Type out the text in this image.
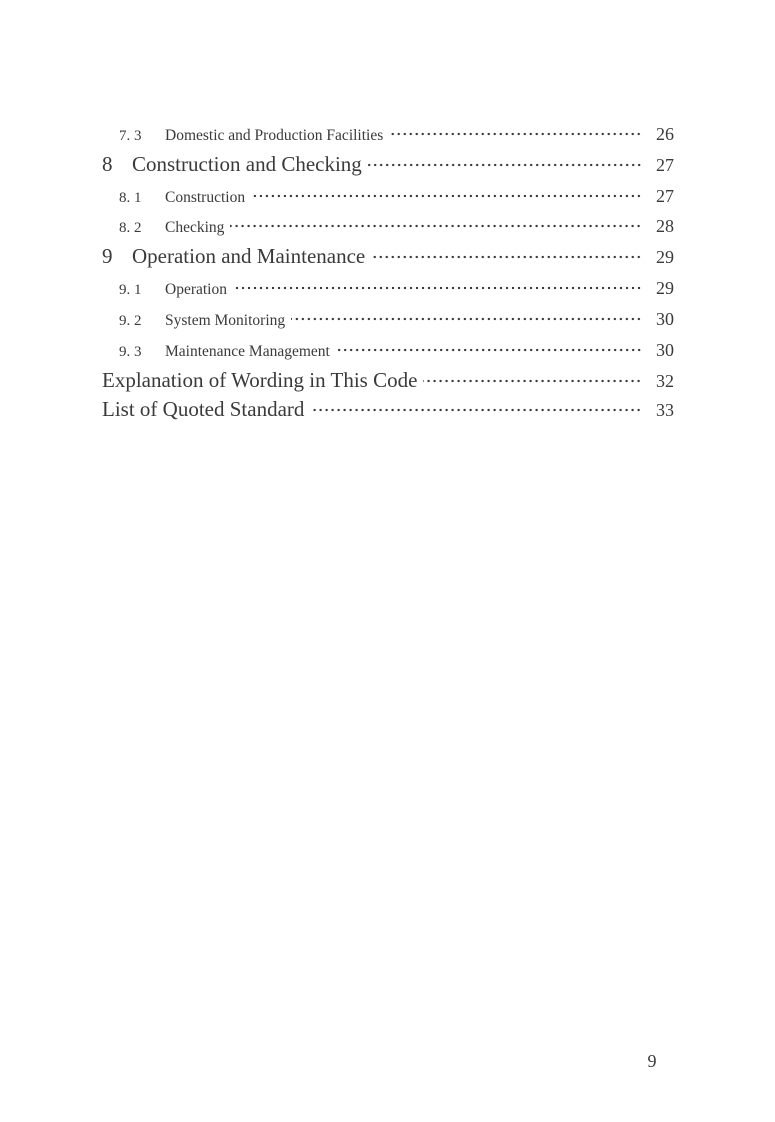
7. 3	Domestic and Production Facilities	26
8 Construction and Checking	27
8. 1	Construction	27
8. 2	Checking	28
9 Operation and Maintenance	29
9. 1	Operation	29
9. 2	System Monitoring	30
9. 3	Maintenance Management	30
Explanation of Wording in This Code	32
List of Quoted Standard	33
9
